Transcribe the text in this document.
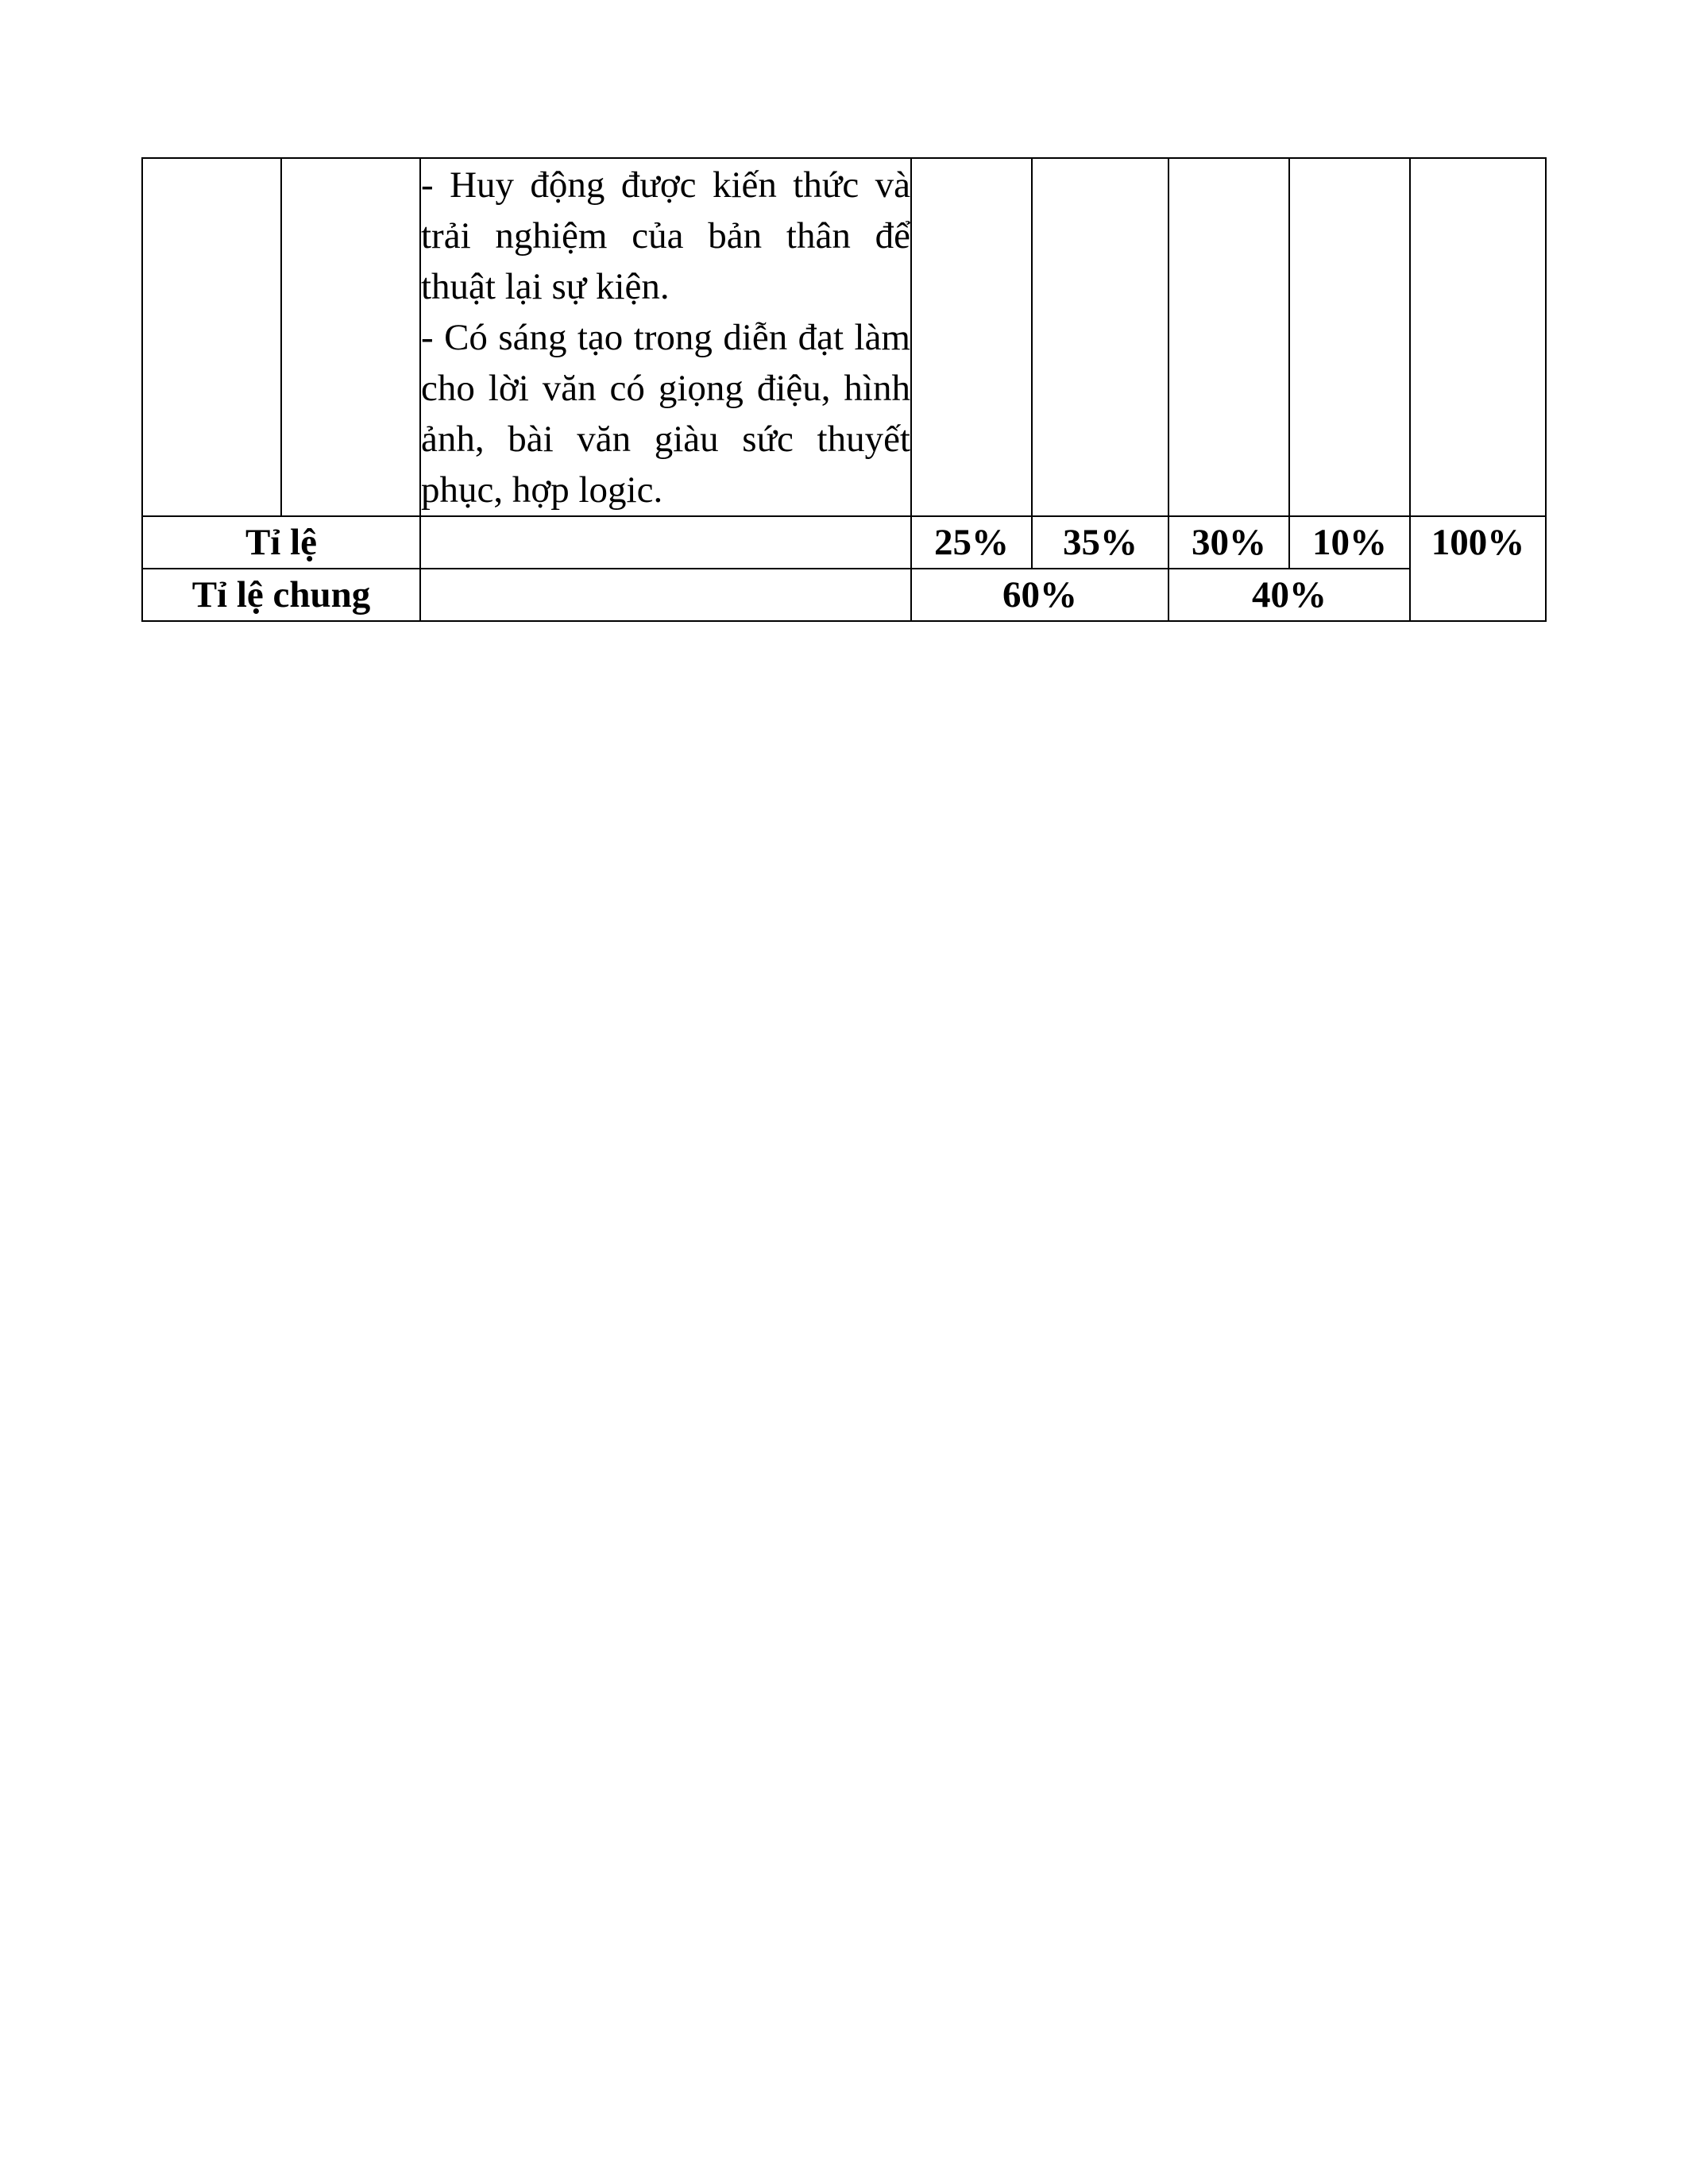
		- Huy động được kiến thức và trải nghiệm của bản thân để thuật lại sự kiện.
- Có sáng tạo trong diễn đạt làm cho lời văn có giọng điệu, hình ảnh, bài văn giàu sức thuyết phục, hợp logic.					

Tỉ lệ			25%	35%	30%	10%	100%
Tỉ lệ chung			60%		40%		
